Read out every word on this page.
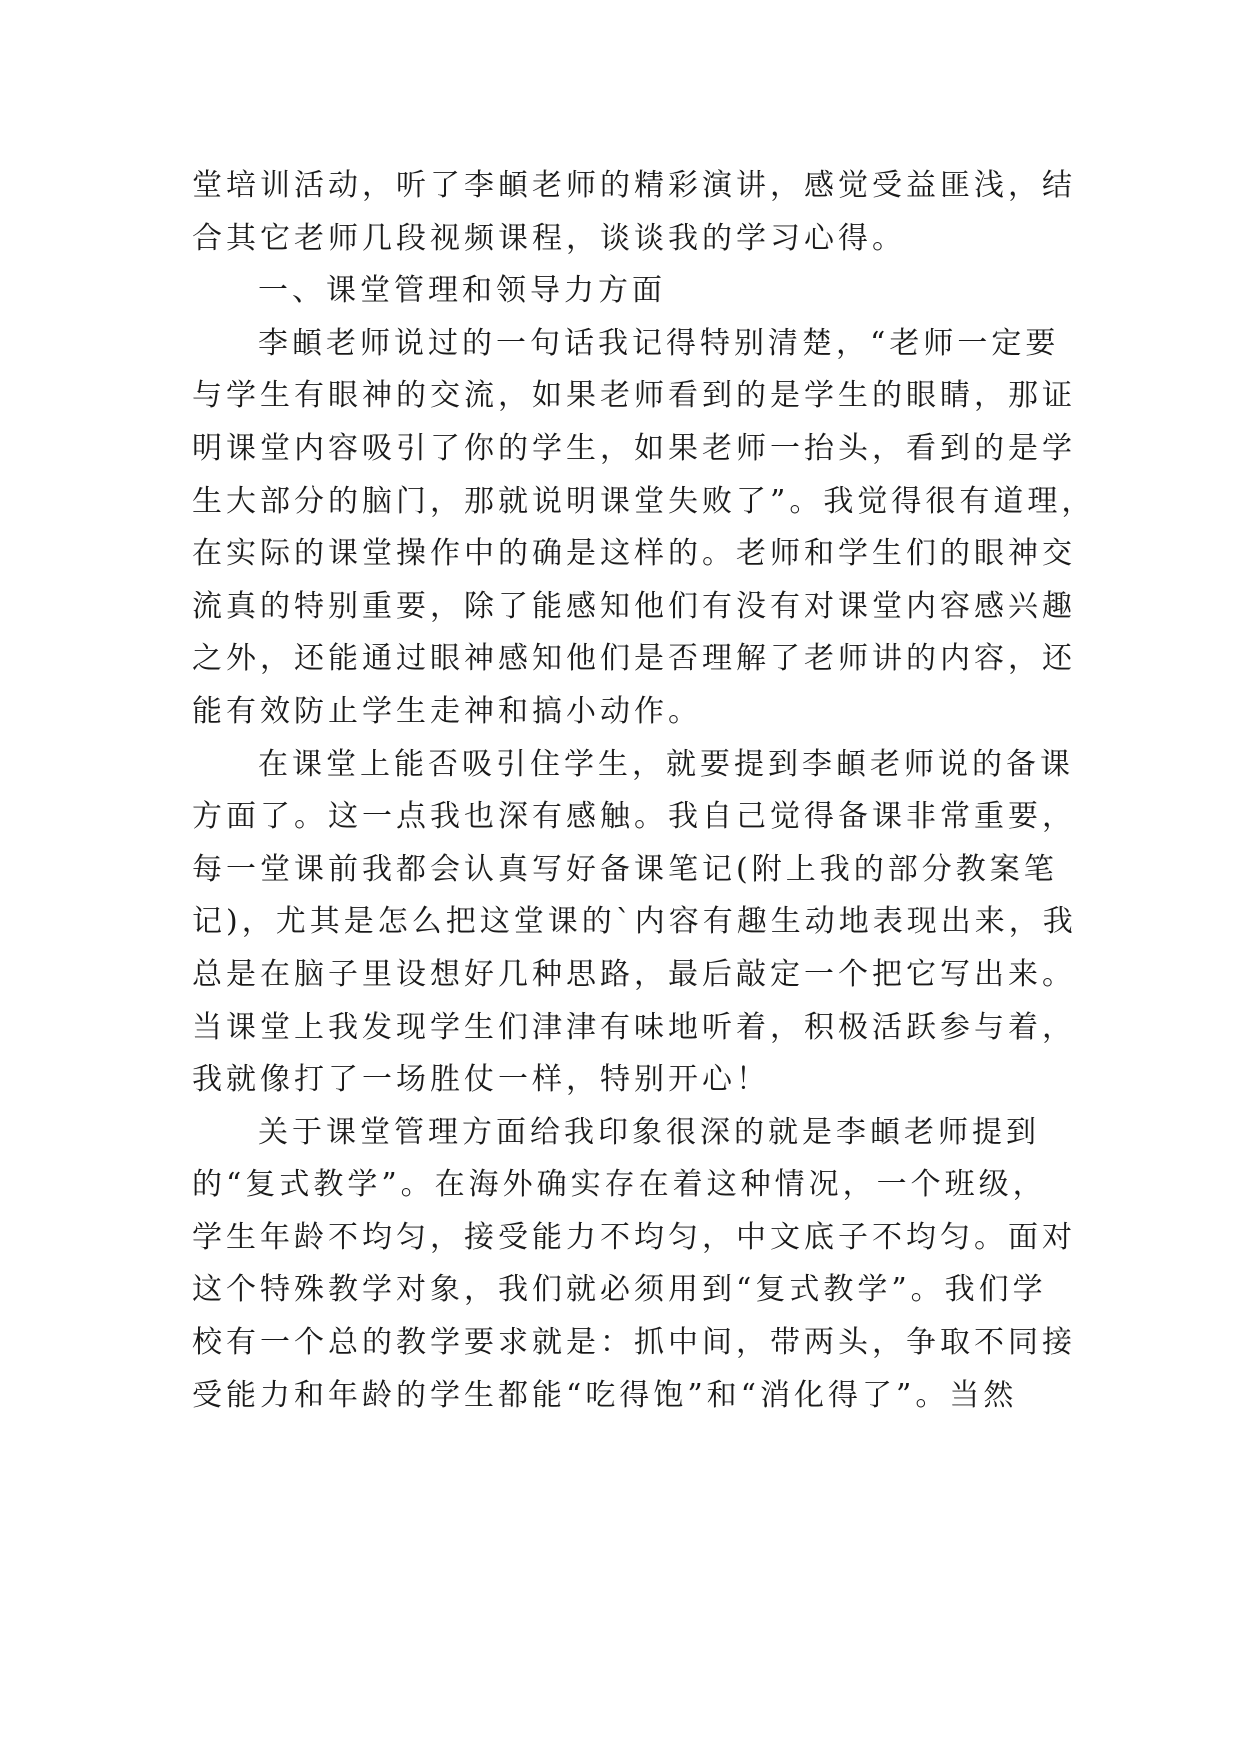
堂培训活动，听了李頔老师的精彩演讲，感觉受益匪浅，结
合其它老师几段视频课程，谈谈我的学习心得。
一、课堂管理和领导力方面
李頔老师说过的一句话我记得特别清楚，“老师一定要
与学生有眼神的交流，如果老师看到的是学生的眼睛，那证
明课堂内容吸引了你的学生，如果老师一抬头，看到的是学
生大部分的脑门，那就说明课堂失败了”。我觉得很有道理，
在实际的课堂操作中的确是这样的。老师和学生们的眼神交
流真的特别重要，除了能感知他们有没有对课堂内容感兴趣
之外，还能通过眼神感知他们是否理解了老师讲的内容，还
能有效防止学生走神和搞小动作。
在课堂上能否吸引住学生，就要提到李頔老师说的备课
方面了。这一点我也深有感触。我自己觉得备课非常重要，
每一堂课前我都会认真写好备课笔记(附上我的部分教案笔
记)，尤其是怎么把这堂课的`内容有趣生动地表现出来，我
总是在脑子里设想好几种思路，最后敲定一个把它写出来。
当课堂上我发现学生们津津有味地听着，积极活跃参与着，
我就像打了一场胜仗一样，特别开心！
关于课堂管理方面给我印象很深的就是李頔老师提到
的“复式教学”。在海外确实存在着这种情况，一个班级，
学生年龄不均匀，接受能力不均匀，中文底子不均匀。面对
这个特殊教学对象，我们就必须用到“复式教学”。我们学
校有一个总的教学要求就是：抓中间，带两头，争取不同接
受能力和年龄的学生都能“吃得饱”和“消化得了”。当然
